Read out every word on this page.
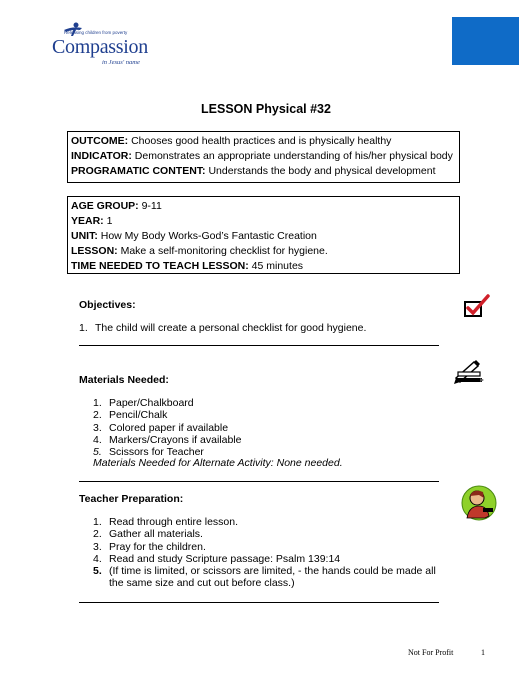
Releasing children from poverty
Compassion
in Jesus' name
LESSON Physical #32
OUTCOME: Chooses good health practices and is physically healthy
INDICATOR: Demonstrates an appropriate understanding of his/her physical body
PROGRAMATIC CONTENT: Understands the body and physical development
AGE GROUP: 9-11
YEAR: 1
UNIT: How My Body Works-God’s Fantastic Creation
LESSON: Make a self-monitoring checklist for hygiene.
TIME NEEDED TO TEACH LESSON: 45 minutes
Objectives:
1. The child will create a personal checklist for good hygiene.
Materials Needed:
1. Paper/Chalkboard
2. Pencil/Chalk
3. Colored paper if available
4. Markers/Crayons if available
5. Scissors for Teacher
Materials Needed for Alternate Activity: None needed.
Teacher Preparation:
1. Read through entire lesson.
2. Gather all materials.
3. Pray for the children.
4. Read and study Scripture passage: Psalm 139:14
5. (If time is limited, or scissors are limited, - the hands could be made all the same size and cut out before class.)
Not For Profit	1
